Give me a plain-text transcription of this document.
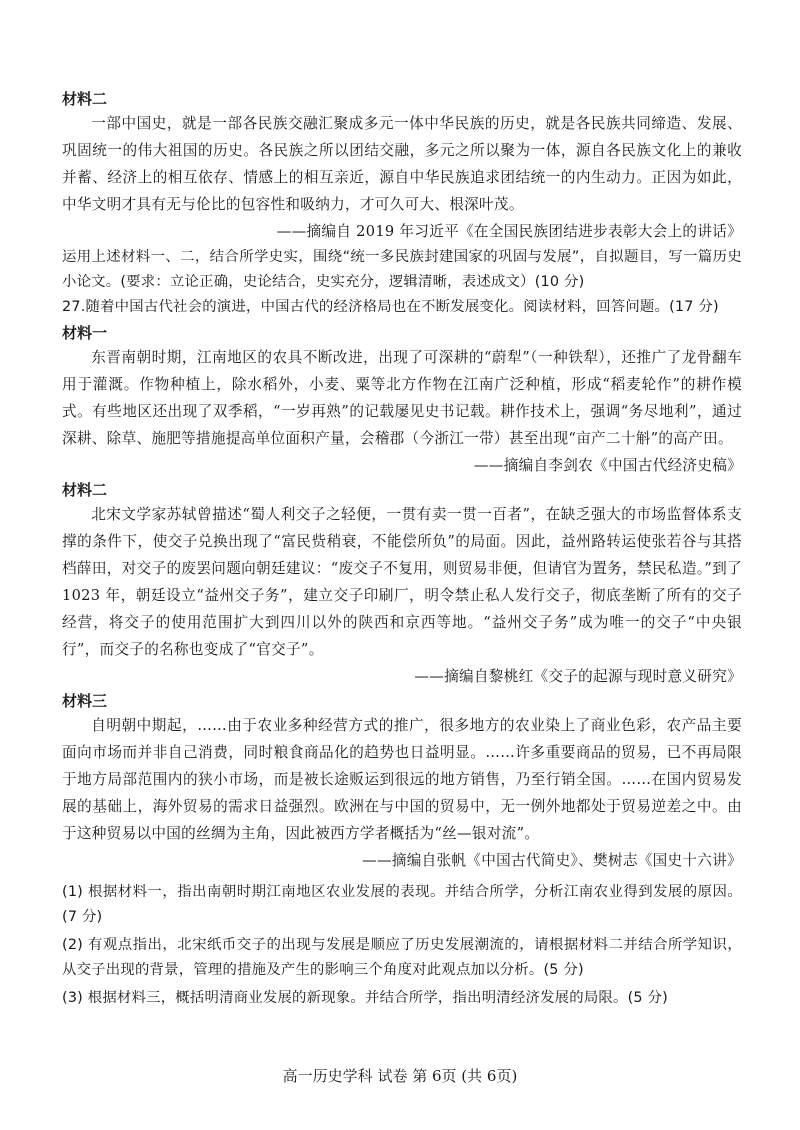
材料二

一部中国史，就是一部各民族交融汇聚成多元一体中华民族的历史，就是各民族共同缔造、发展、巩固统一的伟大祖国的历史。各民族之所以团结交融，多元之所以聚为一体，源自各民族文化上的兼收并蓄、经济上的相互依存、情感上的相互亲近，源自中华民族追求团结统一的内生动力。正因为如此，中华文明才具有无与伦比的包容性和吸纳力，才可久可大、根深叶茂。

——摘编自 2019 年习近平《在全国民族团结进步表彰大会上的讲话》

运用上述材料一、二，结合所学史实，围绕“统一多民族封建国家的巩固与发展”，自拟题目，写一篇历史小论文。(要求：立论正确，史论结合，史实充分，逻辑清晰，表述成文）(10 分)

27.随着中国古代社会的演进，中国古代的经济格局也在不断发展变化。阅读材料，回答问题。(17 分)

材料一

东晋南朝时期，江南地区的农具不断改进，出现了可深耕的“蔚犁”（一种铁犁），还推广了龙骨翻车用于灌溉。作物种植上，除水稻外，小麦、粟等北方作物在江南广泛种植，形成“稻麦轮作”的耕作模式。有些地区还出现了双季稻，“一岁再熟”的记载屡见史书记载。耕作技术上，强调“务尽地利”，通过深耕、除草、施肥等措施提高单位面积产量，会稽郡（今浙江一带）甚至出现“亩产二十斛”的高产田。

——摘编自李剑农《中国古代经济史稿》

材料二

北宋文学家苏轼曾描述“蜀人利交子之轻便，一贯有卖一贯一百者”，在缺乏强大的市场监督体系支撑的条件下，使交子兑换出现了“富民赀稍衰，不能偿所负”的局面。因此，益州路转运使张若谷与其搭档薛田，对交子的废罢问题向朝廷建议：“废交子不复用，则贸易非便，但请官为置务，禁民私造。”到了 1023 年，朝廷设立“益州交子务”，建立交子印刷厂，明令禁止私人发行交子，彻底垄断了所有的交子经营，将交子的使用范围扩大到四川以外的陕西和京西等地。“益州交子务”成为唯一的交子“中央银行”，而交子的名称也变成了“官交子”。

——摘编自黎桃红《交子的起源与现时意义研究》

材料三

自明朝中期起，……由于农业多种经营方式的推广，很多地方的农业染上了商业色彩，农产品主要面向市场而并非自己消费，同时粮食商品化的趋势也日益明显。……许多重要商品的贸易，已不再局限于地方局部范围内的狭小市场，而是被长途贩运到很远的地方销售，乃至行销全国。……在国内贸易发展的基础上，海外贸易的需求日益强烈。欧洲在与中国的贸易中，无一例外地都处于贸易逆差之中。由于这种贸易以中国的丝绸为主角，因此被西方学者概括为“丝—银对流”。

——摘编自张帆《中国古代简史》、樊树志《国史十六讲》

(1) 根据材料一，指出南朝时期江南地区农业发展的表现。并结合所学，分析江南农业得到发展的原因。(7 分)

(2) 有观点指出，北宋纸币交子的出现与发展是顺应了历史发展潮流的，请根据材料二并结合所学知识，从交子出现的背景，管理的措施及产生的影响三个角度对此观点加以分析。(5 分)

(3) 根据材料三，概括明清商业发展的新现象。并结合所学，指出明清经济发展的局限。(5 分)

高一历史学科 试卷 第 6页 (共 6页)
